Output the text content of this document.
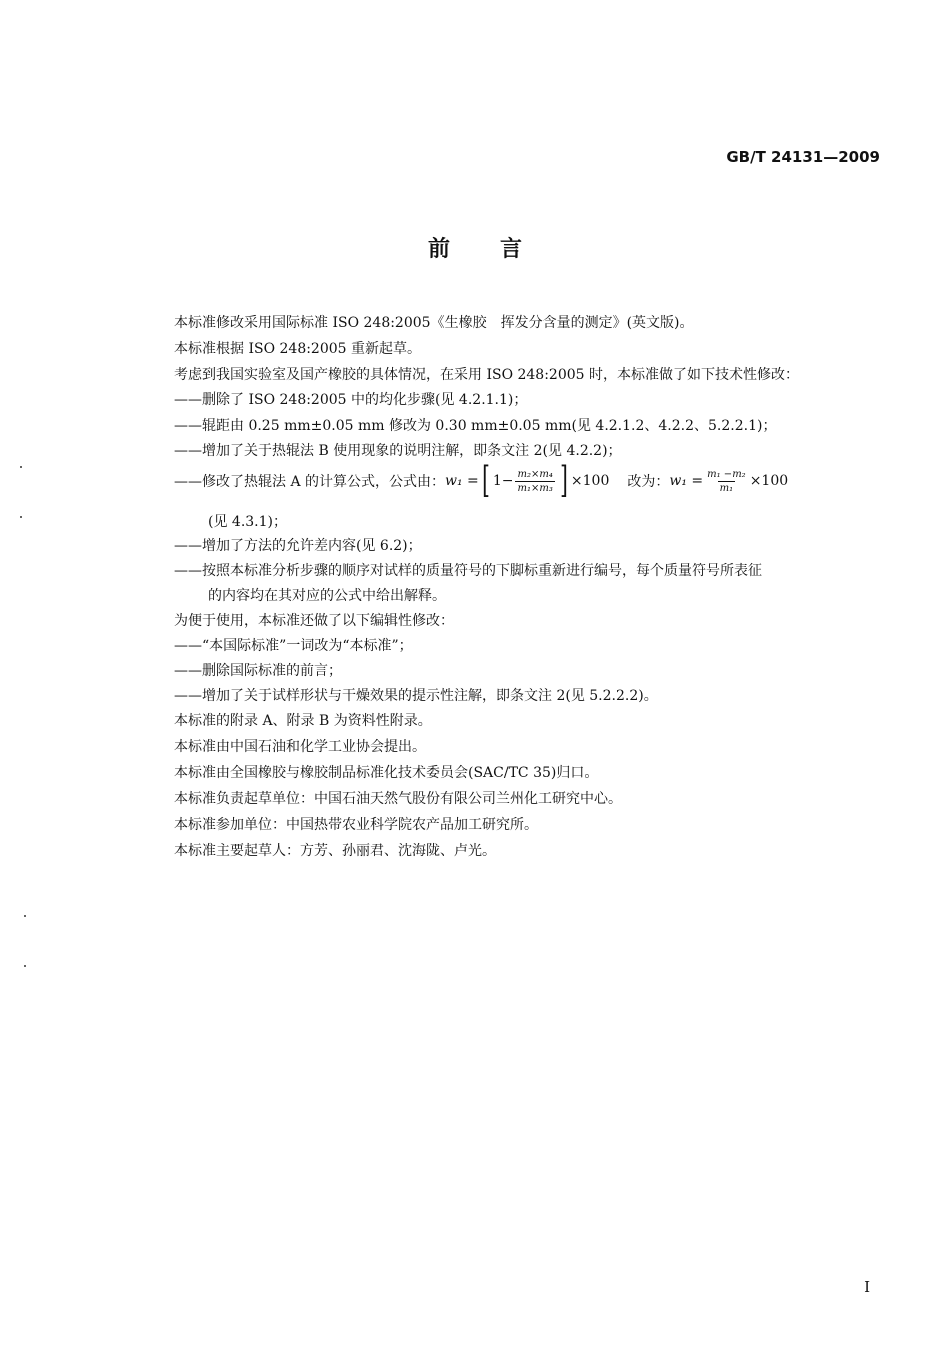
GB/T 24131—2009
前言
本标准修改采用国际标准 ISO 248:2005《生橡胶　挥发分含量的测定》(英文版)。
本标准根据 ISO 248:2005 重新起草。
考虑到我国实验室及国产橡胶的具体情况，在采用 ISO 248:2005 时，本标准做了如下技术性修改：
——删除了 ISO 248:2005 中的均化步骤(见 4.2.1.1)；
——辊距由 0.25 mm±0.05 mm 修改为 0.30 mm±0.05 mm(见 4.2.1.2、4.2.2、5.2.2.1)；
——增加了关于热辊法 B 使用现象的说明注解，即条文注 2(见 4.2.2)；
——修改了热辊法 A 的计算公式，公式由： w₁ = [ $1- \frac{\text{m₂×m₄}}{\text{m₁×m₃}}$ ] ×100 改为： $w_1 = \frac{\text{m₁ −m₂}}{\text{m₁}} \times 100$
(见 4.3.1)；
——增加了方法的允许差内容(见 6.2)；
——按照本标准分析步骤的顺序对试样的质量符号的下脚标重新进行编号，每个质量符号所表征
的内容均在其对应的公式中给出解释。
为便于使用，本标准还做了以下编辑性修改：
——“本国际标准”一词改为“本标准”；
——删除国际标准的前言；
——增加了关于试样形状与干燥效果的提示性注解，即条文注 2(见 5.2.2.2)。
本标准的附录 A、附录 B 为资料性附录。
本标准由中国石油和化学工业协会提出。
本标准由全国橡胶与橡胶制品标准化技术委员会(SAC/TC 35)归口。
本标准负责起草单位：中国石油天然气股份有限公司兰州化工研究中心。
本标准参加单位：中国热带农业科学院农产品加工研究所。
本标准主要起草人：方芳、孙丽君、沈海陇、卢光。
I
